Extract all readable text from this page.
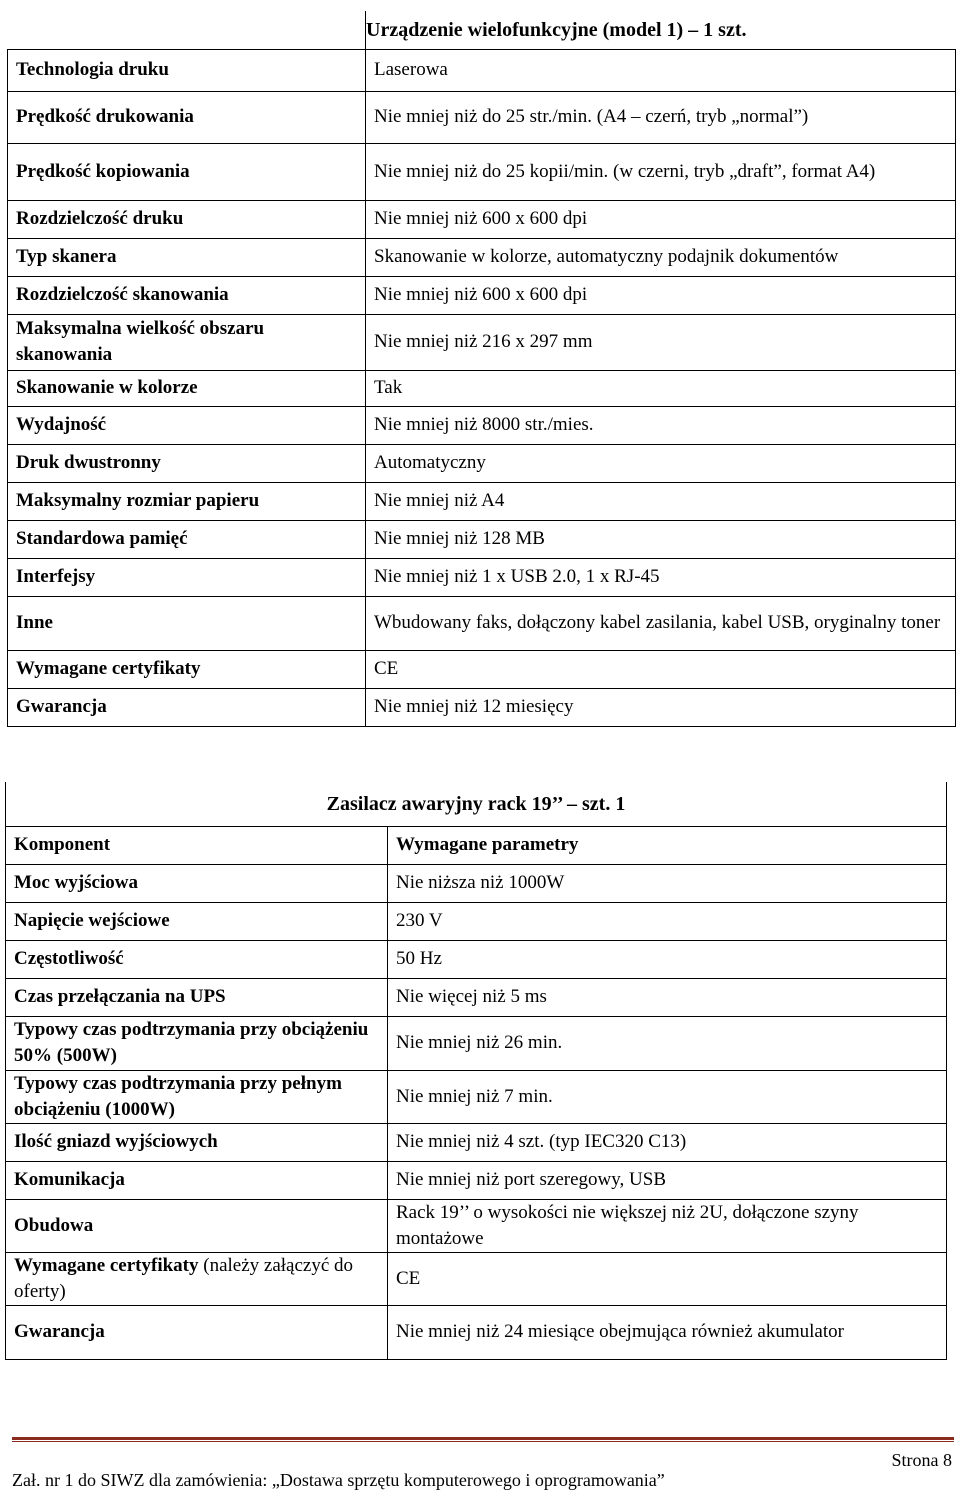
	Urządzenie wielofunkcyjne (model 1) – 1 szt.
Technologia druku	Laserowa
Prędkość drukowania	Nie mniej niż do 25 str./min. (A4 – czerń, tryb „normal”)
Prędkość kopiowania	Nie mniej niż do 25 kopii/min. (w czerni, tryb „draft”, format A4)
Rozdzielczość druku	Nie mniej niż 600 x 600 dpi
Typ skanera	Skanowanie w kolorze, automatyczny podajnik dokumentów
Rozdzielczość skanowania	Nie mniej niż 600 x 600 dpi
Maksymalna wielkość obszaru skanowania	Nie mniej niż 216 x 297 mm
Skanowanie w kolorze	Tak
Wydajność	Nie mniej niż 8000 str./mies.
Druk dwustronny	Automatyczny
Maksymalny rozmiar papieru	Nie mniej niż A4
Standardowa pamięć	Nie mniej niż 128 MB
Interfejsy	Nie mniej niż 1 x USB 2.0, 1 x RJ-45
Inne	Wbudowany faks, dołączony kabel zasilania, kabel USB, oryginalny toner
Wymagane certyfikaty	CE
Gwarancja	Nie mniej niż 12 miesięcy
Zasilacz awaryjny rack 19’’ – szt. 1	
Komponent	Wymagane parametry
Moc wyjściowa	Nie niższa niż 1000W
Napięcie wejściowe	230 V
Częstotliwość	50 Hz
Czas przełączania na UPS	Nie więcej niż 5 ms
Typowy czas podtrzymania przy obciążeniu 50% (500W)	Nie mniej niż 26 min.
Typowy czas podtrzymania przy pełnym obciążeniu (1000W)	Nie mniej niż 7 min.
Ilość gniazd wyjściowych	Nie mniej niż 4 szt. (typ IEC320 C13)
Komunikacja	Nie mniej niż port szeregowy, USB
Obudowa	Rack 19’’ o wysokości nie większej niż 2U, dołączone szyny montażowe
Wymagane certyfikaty (należy załączyć do oferty)	CE
Gwarancja	Nie mniej niż 24 miesiące obejmująca również akumulator
Strona 8
Zał. nr 1 do SIWZ dla zamówienia: „Dostawa sprzętu komputerowego i oprogramowania”
